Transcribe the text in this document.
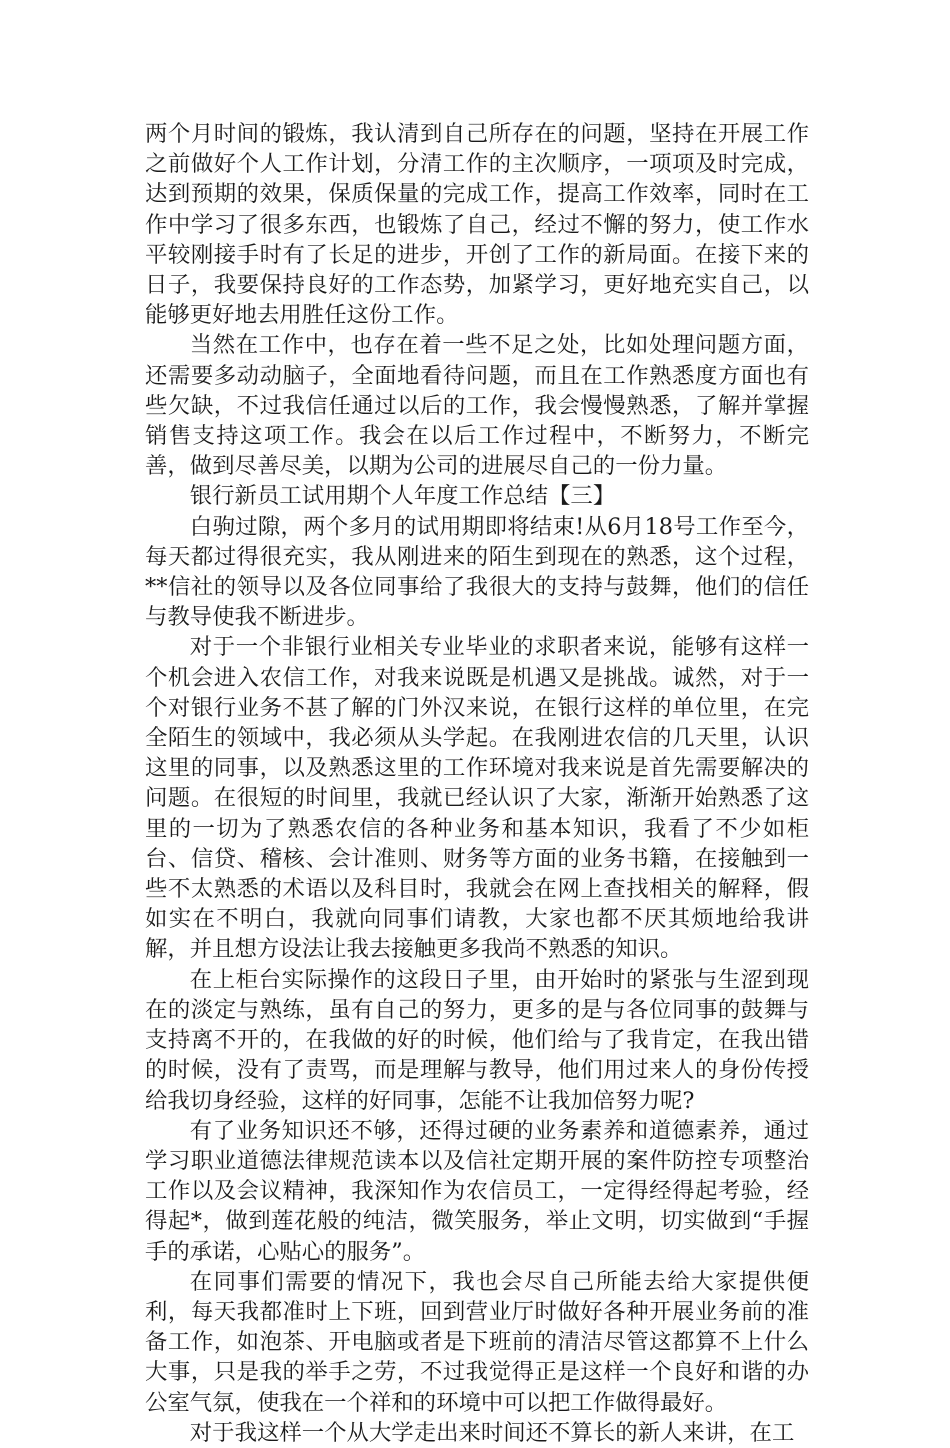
两个月时间的锻炼，我认清到自己所存在的问题，坚持在开展工作之前做好个人工作计划，分清工作的主次顺序，一项项及时完成，达到预期的效果，保质保量的完成工作，提高工作效率，同时在工作中学习了很多东西，也锻炼了自己，经过不懈的努力，使工作水平较刚接手时有了长足的进步，开创了工作的新局面。在接下来的日子，我要保持良好的工作态势，加紧学习，更好地充实自己，以能够更好地去用胜任这份工作。

当然在工作中，也存在着一些不足之处，比如处理问题方面，还需要多动动脑子，全面地看待问题，而且在工作熟悉度方面也有些欠缺，不过我信任通过以后的工作，我会慢慢熟悉，了解并掌握销售支持这项工作。我会在以后工作过程中，不断努力，不断完善，做到尽善尽美，以期为公司的进展尽自己的一份力量。

银行新员工试用期个人年度工作总结【三】

白驹过隙，两个多月的试用期即将结束!从6月18号工作至今，每天都过得很充实，我从刚进来的陌生到现在的熟悉，这个过程，**信社的领导以及各位同事给了我很大的支持与鼓舞，他们的信任与教导使我不断进步。

对于一个非银行业相关专业毕业的求职者来说，能够有这样一个机会进入农信工作，对我来说既是机遇又是挑战。诚然，对于一个对银行业务不甚了解的门外汉来说，在银行这样的单位里，在完全陌生的领域中，我必须从头学起。在我刚进农信的几天里，认识这里的同事，以及熟悉这里的工作环境对我来说是首先需要解决的问题。在很短的时间里，我就已经认识了大家，渐渐开始熟悉了这里的一切为了熟悉农信的各种业务和基本知识，我看了不少如柜台、信贷、稽核、会计准则、财务等方面的业务书籍，在接触到一些不太熟悉的术语以及科目时，我就会在网上查找相关的解释，假如实在不明白，我就向同事们请教，大家也都不厌其烦地给我讲解，并且想方设法让我去接触更多我尚不熟悉的知识。

在上柜台实际操作的这段日子里，由开始时的紧张与生涩到现在的淡定与熟练，虽有自己的努力，更多的是与各位同事的鼓舞与支持离不开的，在我做的好的时候，他们给与了我肯定，在我出错的时候，没有了责骂，而是理解与教导，他们用过来人的身份传授给我切身经验，这样的好同事，怎能不让我加倍努力呢?

有了业务知识还不够，还得过硬的业务素养和道德素养，通过学习职业道德法律规范读本以及信社定期开展的案件防控专项整治工作以及会议精神，我深知作为农信员工，一定得经得起考验，经得起*，做到莲花般的纯洁，微笑服务，举止文明，切实做到“手握手的承诺，心贴心的服务”。

在同事们需要的情况下，我也会尽自己所能去给大家提供便利，每天我都准时上下班，回到营业厅时做好各种开展业务前的准备工作，如泡茶、开电脑或者是下班前的清洁尽管这都算不上什么大事，只是我的举手之劳，不过我觉得正是这样一个良好和谐的办公室气氛，使我在一个祥和的环境中可以把工作做得最好。

对于我这样一个从大学走出来时间还不算长的新人来讲，在工
